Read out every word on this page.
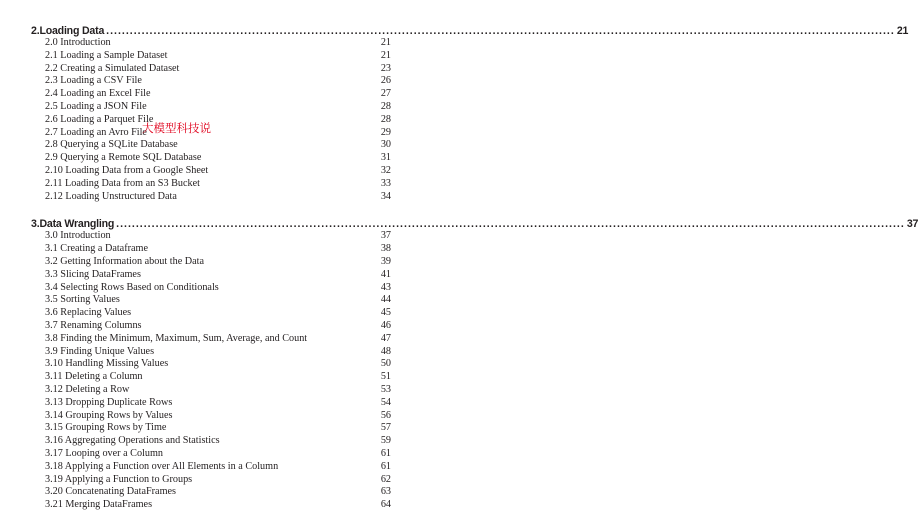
2. Loading Data ........................................................................................................................................................................................................ 21
2.0 Introduction	21
2.1 Loading a Sample Dataset	21
2.2 Creating a Simulated Dataset	23
2.3 Loading a CSV File	26
2.4 Loading an Excel File	27
2.5 Loading a JSON File	28
2.6 Loading a Parquet File	28
2.7 Loading an Avro File	29
2.8 Querying a SQLite Database	30
2.9 Querying a Remote SQL Database	31
2.10 Loading Data from a Google Sheet	32
2.11 Loading Data from an S3 Bucket	33
2.12 Loading Unstructured Data	34
3. Data Wrangling ........................................................................................................................................................................................................ 37
3.0 Introduction	37
3.1 Creating a Dataframe	38
3.2 Getting Information about the Data	39
3.3 Slicing DataFrames	41
3.4 Selecting Rows Based on Conditionals	43
3.5 Sorting Values	44
3.6 Replacing Values	45
3.7 Renaming Columns	46
3.8 Finding the Minimum, Maximum, Sum, Average, and Count	47
3.9 Finding Unique Values	48
3.10 Handling Missing Values	50
3.11 Deleting a Column	51
3.12 Deleting a Row	53
3.13 Dropping Duplicate Rows	54
3.14 Grouping Rows by Values	56
3.15 Grouping Rows by Time	57
3.16 Aggregating Operations and Statistics	59
3.17 Looping over a Column	61
3.18 Applying a Function over All Elements in a Column	61
3.19 Applying a Function to Groups	62
3.20 Concatenating DataFrames	63
3.21 Merging DataFrames	64
大模型科技说
